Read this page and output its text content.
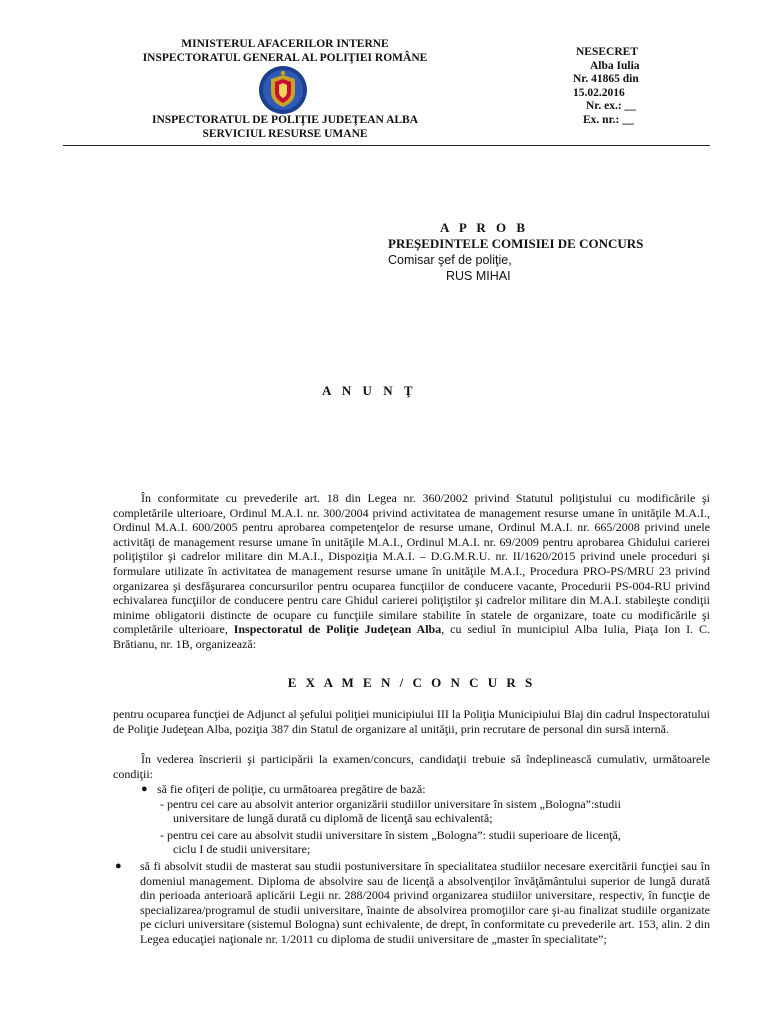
MINISTERUL AFACERILOR INTERNE
INSPECTORATUL GENERAL AL POLIŢIEI ROMÂNE
INSPECTORATUL DE POLIŢIE JUDEŢEAN ALBA
SERVICIUL RESURSE UMANE
NESECRET
Alba Iulia
Nr. 41865 din
15.02.2016
Nr. ex.: __
Ex. nr.: __
A P R O B
PREŞEDINTELE COMISIEI DE CONCURS
Comisar şef de poliţie,
RUS MIHAI
A N U N Ţ
În conformitate cu prevederile art. 18 din Legea nr. 360/2002 privind Statutul poliţistului cu modificările şi completările ulterioare, Ordinul M.A.I. nr. 300/2004 privind activitatea de management resurse umane în unităţile M.A.I., Ordinul M.A.I. 600/2005 pentru aprobarea competenţelor de resurse umane, Ordinul M.A.I. nr. 665/2008 privind unele activităţi de management resurse umane în unităţile M.A.I., Ordinul M.A.I. nr. 69/2009 pentru aprobarea Ghidului carierei poliţiştilor şi cadrelor militare din M.A.I., Dispoziţia M.A.I. – D.G.M.R.U. nr. II/1620/2015 privind unele proceduri şi formulare utilizate în activitatea de management resurse umane în unităţile M.A.I., Procedura PRO-PS/MRU 23 privind organizarea şi desfăşurarea concursurilor pentru ocuparea funcţiilor de conducere vacante, Procedurii PS-004-RU privind echivalarea funcţiilor de conducere pentru care Ghidul carierei poliţiştilor şi cadrelor militare din M.A.I. stabileşte condiţii minime obligatorii distincte de ocupare cu funcţiile similare stabilite în statele de organizare, toate cu modificările şi completările ulterioare, Inspectoratul de Poliţie Judeţean Alba, cu sediul în municipiul Alba Iulia, Piaţa Ion I. C. Brătianu, nr. 1B, organizează:
E X A M E N / C O N C U R S
pentru ocuparea funcţiei de Adjunct al şefului poliţiei municipiului III la Poliţia Municipiului Blaj din cadrul Inspectoratului de Poliţie Judeţean Alba, poziţia 387 din Statul de organizare al unităţii, prin recrutare de personal din sursă internă.
În vederea înscrierii şi participării la examen/concurs, candidaţii trebuie să îndeplinească cumulativ, următoarele condiţii:
● să fie ofiţeri de poliţie, cu următoarea pregătire de bază:
- pentru cei care au absolvit anterior organizării studiilor universitare în sistem „Bologna”:studii
universitare de lungă durată cu diplomă de licenţă sau echivalentă;
- pentru cei care au absolvit studii universitare în sistem „Bologna”: studii superioare de licenţă,
ciclu I de studii universitare;
● să fi absolvit studii de masterat sau studii postuniversitare în specialitatea studiilor necesare exercitării funcţiei sau în domeniul management. Diploma de absolvire sau de licenţă a absolvenţilor învăţământului superior de lungă durată din perioada anterioară aplicării Legii nr. 288/2004 privind organizarea studiilor universitare, respectiv, în funcţie de specializarea/programul de studii universitare, înainte de absolvirea promoţiilor care şi-au finalizat studiile organizate pe cicluri universitare (sistemul Bologna) sunt echivalente, de drept, în conformitate cu prevederile art. 153, alin. 2 din Legea educaţiei naţionale nr. 1/2011 cu diploma de studii universitare de „master în specialitate”;
